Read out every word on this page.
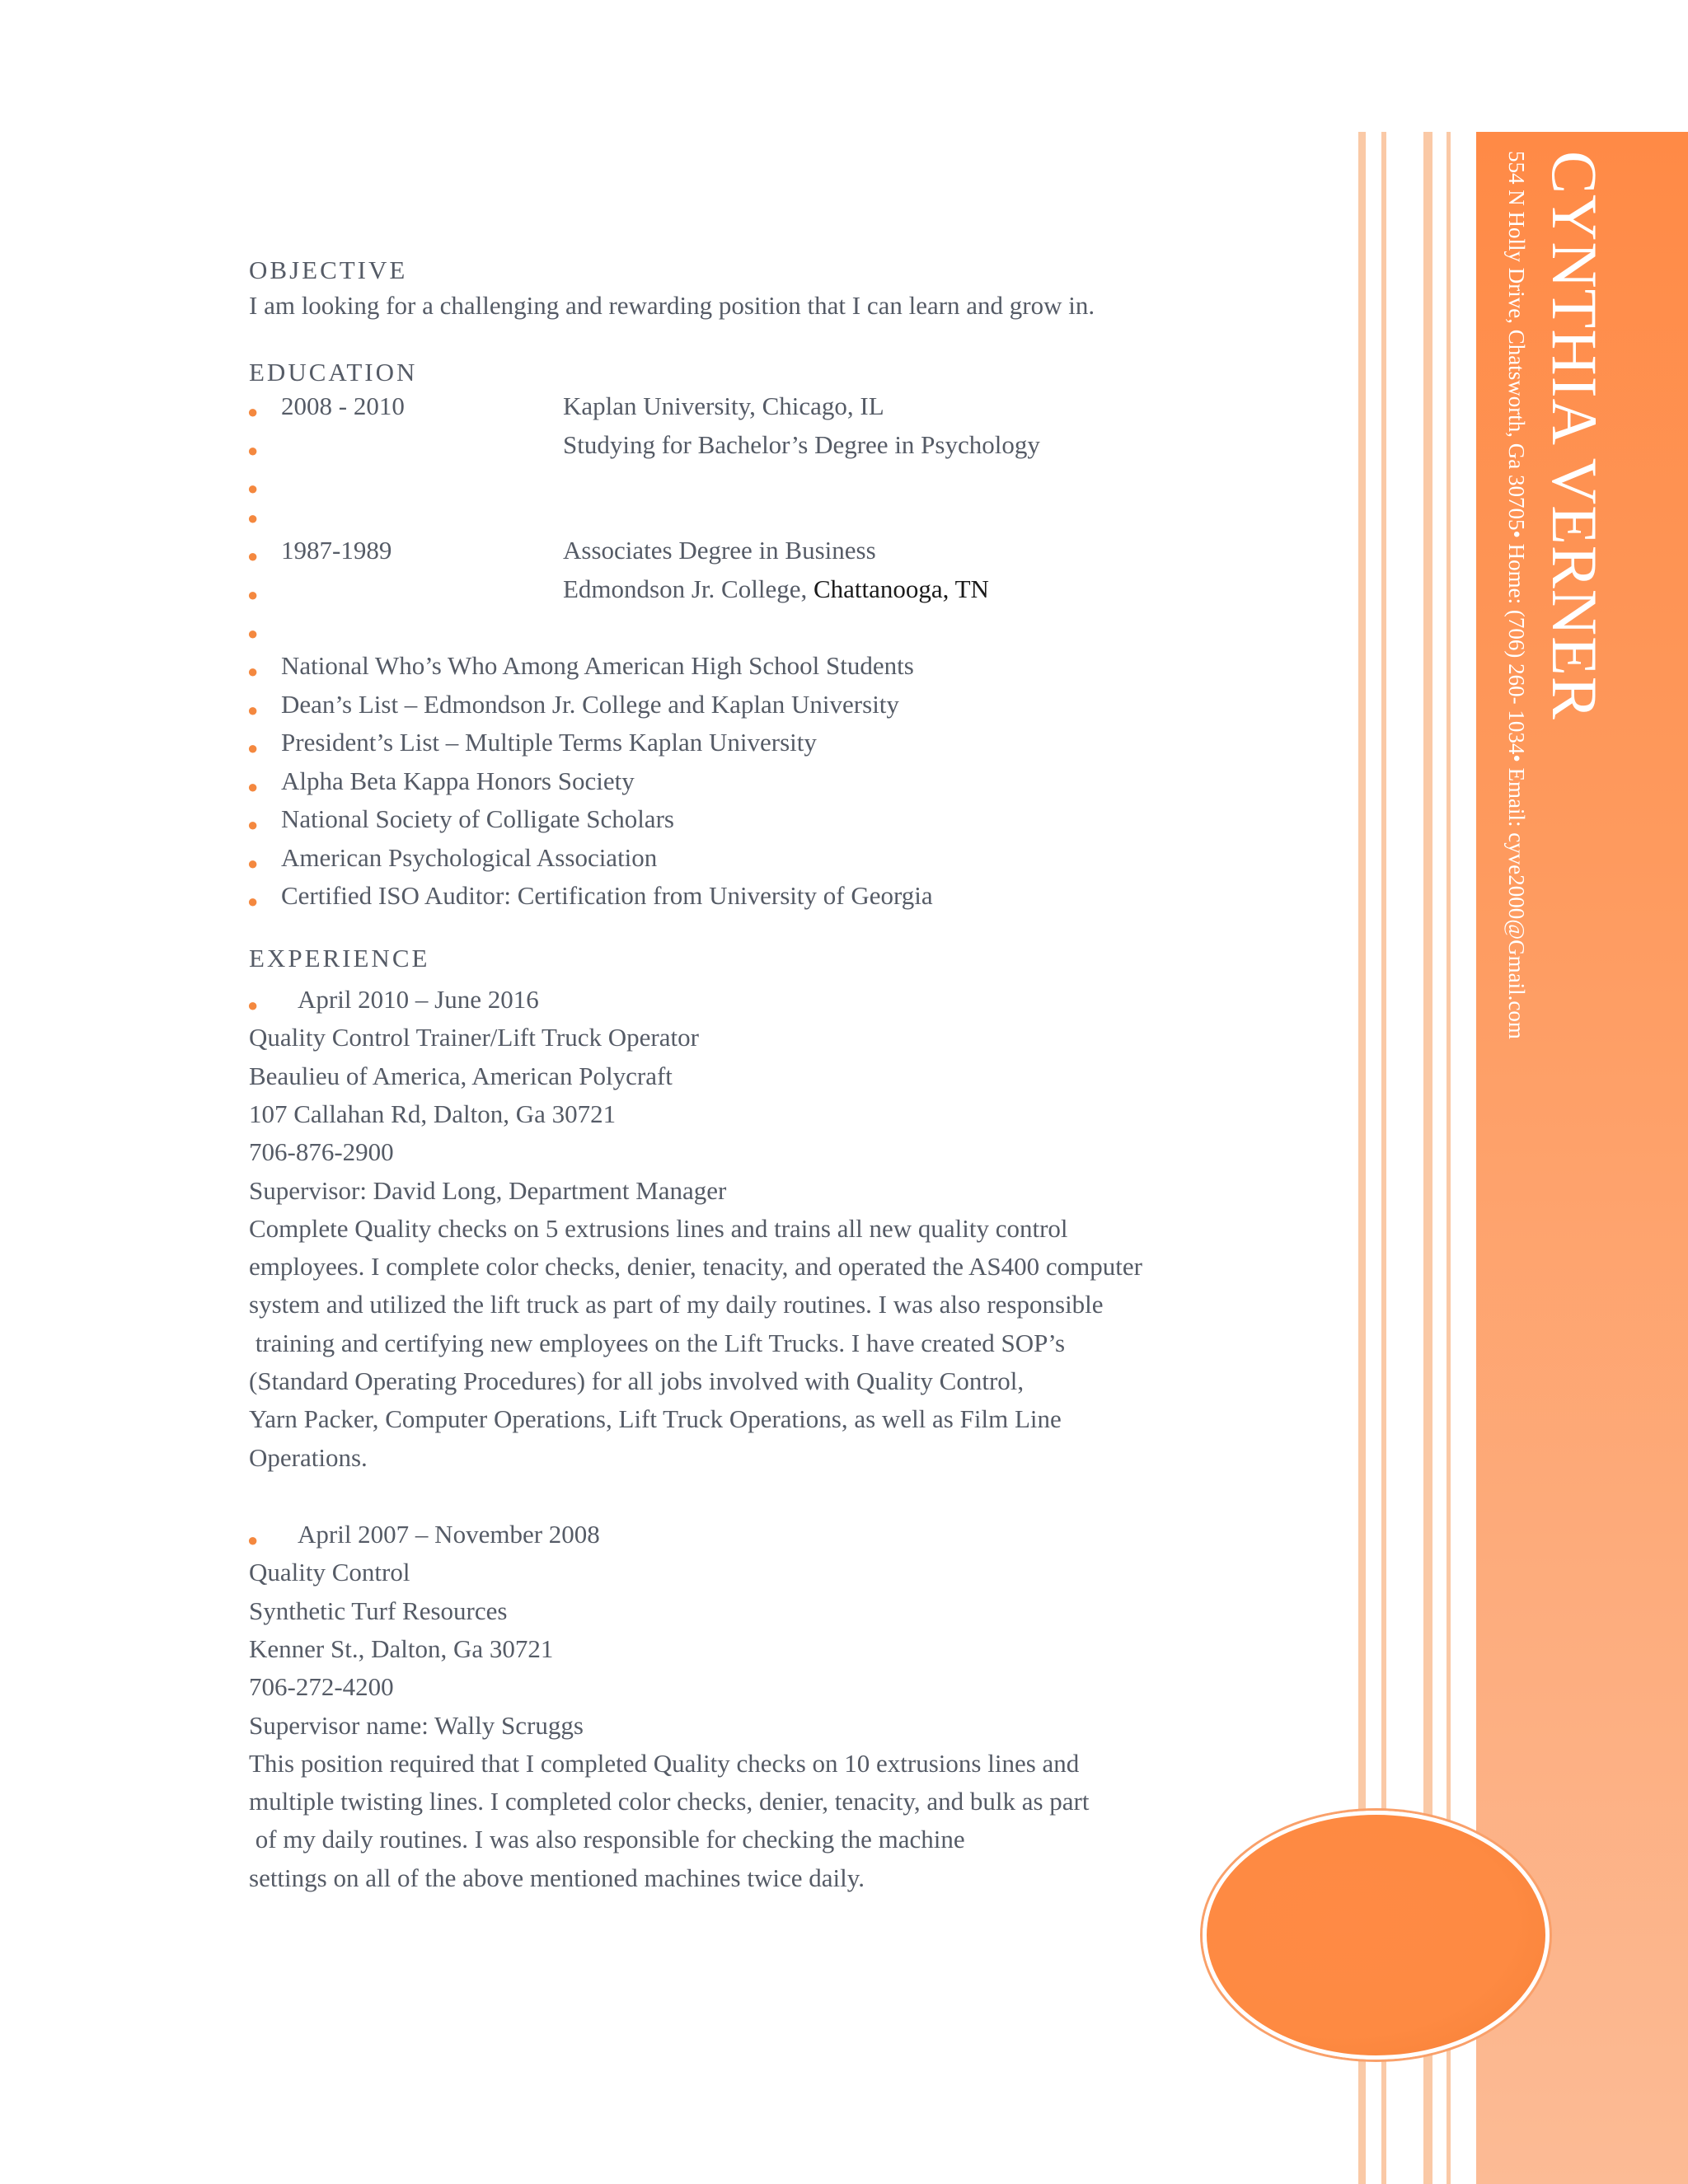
CYNTHIA VERNER
554 N Holly Drive, Chatsworth, Ga 30705• Home: (706) 260- 1034• Email: cyve2000@Gmail.com
OBJECTIVE
I am looking for a challenging and rewarding position that I can learn and grow in.
EDUCATION
EXPERIENCE
● 2008 - 2010	Kaplan University, Chicago, IL
●	Studying for Bachelor’s Degree in Psychology
●
●
● 1987-1989	Associates Degree in Business
●	Edmondson Jr. College, Chattanooga, TN
●
● National Who’s Who Among American High School Students
● Dean’s List – Edmondson Jr. College and Kaplan University
● President’s List – Multiple Terms Kaplan University
● Alpha Beta Kappa Honors Society
● National Society of Colligate Scholars
● American Psychological Association
● Certified ISO Auditor: Certification from University of Georgia
● April 2010 – June 2016
Quality Control Trainer/Lift Truck Operator
Beaulieu of America, American Polycraft
107 Callahan Rd, Dalton, Ga 30721
706-876-2900
Supervisor: David Long, Department Manager
Complete Quality checks on 5 extrusions lines and trains all new quality control
employees. I complete color checks, denier, tenacity, and operated the AS400 computer
system and utilized the lift truck as part of my daily routines. I was also responsible
training and certifying new employees on the Lift Trucks. I have created SOP’s
(Standard Operating Procedures) for all jobs involved with Quality Control,
Yarn Packer, Computer Operations, Lift Truck Operations, as well as Film Line
Operations.
● April 2007 – November 2008
Quality Control
Synthetic Turf Resources
Kenner St., Dalton, Ga 30721
706-272-4200
Supervisor name: Wally Scruggs
This position required that I completed Quality checks on 10 extrusions lines and
multiple twisting lines. I completed color checks, denier, tenacity, and bulk as part
of my daily routines. I was also responsible for checking the machine
settings on all of the above mentioned machines twice daily.
